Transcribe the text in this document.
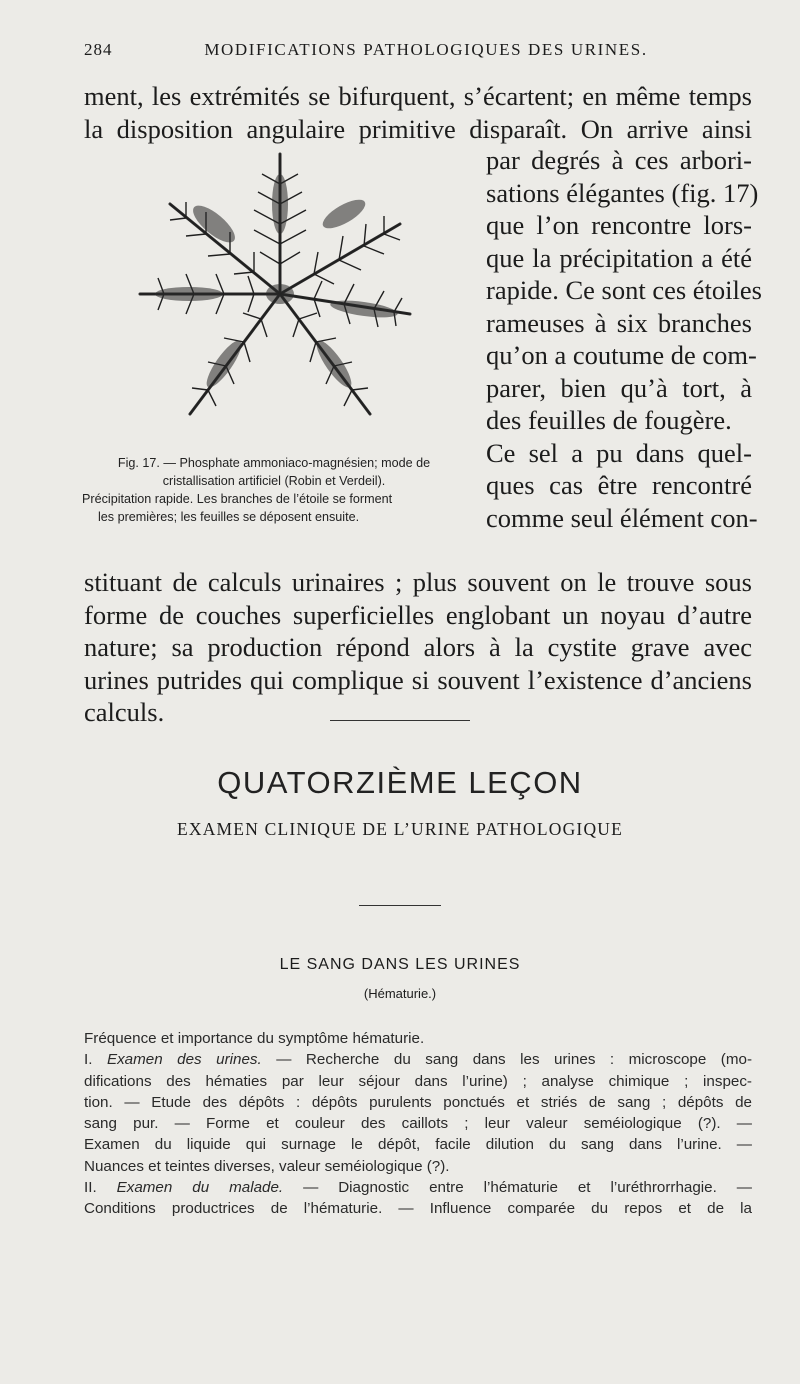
284	MODIFICATIONS PATHOLOGIQUES DES URINES.
ment, les extrémités se bifurquent, s’écartent; en même temps
la disposition angulaire primitive disparaît. On arrive ainsi
par degrés à ces arbori-
sations élégantes (fig. 17)
que l’on rencontre lors-
que la précipitation a été
rapide. Ce sont ces étoiles
rameuses à six branches
qu’on a coutume de com-
parer, bien qu’à tort, à
des feuilles de fougère.
Ce sel a pu dans quel-
ques cas être rencontré
comme seul élément con-
Fig. 17. — Phosphate ammoniaco-magnésien; mode de
cristallisation artificiel (Robin et Verdeil).
Précipitation rapide. Les branches de l’étoile se forment
les premières; les feuilles se déposent ensuite.
stituant de calculs urinaires ; plus souvent on le trouve sous
forme de couches superficielles englobant un noyau d’autre
nature; sa production répond alors à la cystite grave avec
urines putrides qui complique si souvent l’existence d’anciens
calculs.
QUATORZIÈME LEÇON
EXAMEN CLINIQUE DE L’URINE PATHOLOGIQUE
LE SANG DANS LES URINES
(Hématurie.)
Fréquence et importance du symptôme hématurie.
I. Examen des urines. — Recherche du sang dans les urines : microscope (mo-
difications des hématies par leur séjour dans l’urine) ; analyse chimique ; inspec-
tion. — Etude des dépôts : dépôts purulents ponctués et striés de sang ; dépôts de
sang pur. — Forme et couleur des caillots ; leur valeur seméiologique (?). —
Examen du liquide qui surnage le dépôt, facile dilution du sang dans l’urine. —
Nuances et teintes diverses, valeur seméiologique (?).
II. Examen du malade. — Diagnostic entre l’hématurie et l’uréthrorrhagie. —
Conditions productrices de l’hématurie. — Influence comparée du repos et de la
